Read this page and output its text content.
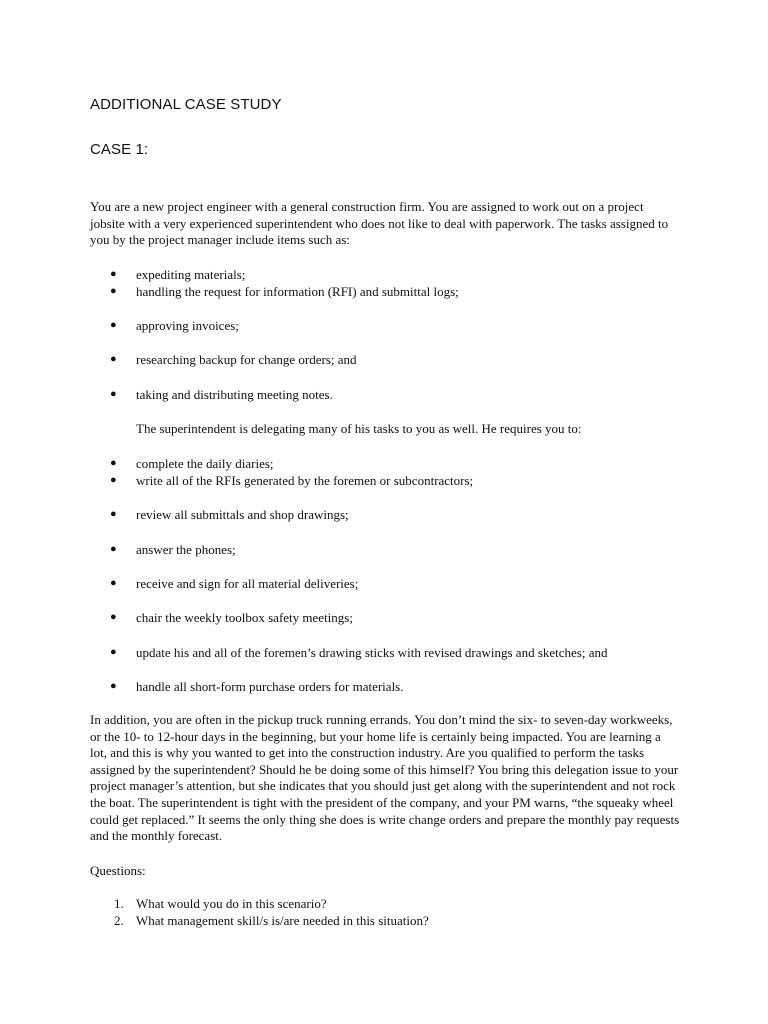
ADDITIONAL CASE STUDY
CASE 1:
You are a new project engineer with a general construction firm. You are assigned to work out on a project jobsite with a very experienced superintendent who does not like to deal with paperwork. The tasks assigned to you by the project manager include items such as:
● expediting materials;
● handling the request for information (RFI) and submittal logs;
● approving invoices;
● researching backup for change orders; and
● taking and distributing meeting notes.
The superintendent is delegating many of his tasks to you as well. He requires you to:
● complete the daily diaries;
● write all of the RFIs generated by the foremen or subcontractors;
● review all submittals and shop drawings;
● answer the phones;
● receive and sign for all material deliveries;
● chair the weekly toolbox safety meetings;
● update his and all of the foremen’s drawing sticks with revised drawings and sketches; and
● handle all short-form purchase orders for materials.
In addition, you are often in the pickup truck running errands. You don’t mind the six- to seven-day workweeks, or the 10- to 12-hour days in the beginning, but your home life is certainly being impacted. You are learning a lot, and this is why you wanted to get into the construction industry. Are you qualified to perform the tasks assigned by the superintendent? Should he be doing some of this himself? You bring this delegation issue to your project manager’s attention, but she indicates that you should just get along with the superintendent and not rock the boat. The superintendent is tight with the president of the company, and your PM warns, “the squeaky wheel could get replaced.” It seems the only thing she does is write change orders and prepare the monthly pay requests and the monthly forecast.
Questions:
1. What would you do in this scenario?
2. What management skill/s is/are needed in this situation?
